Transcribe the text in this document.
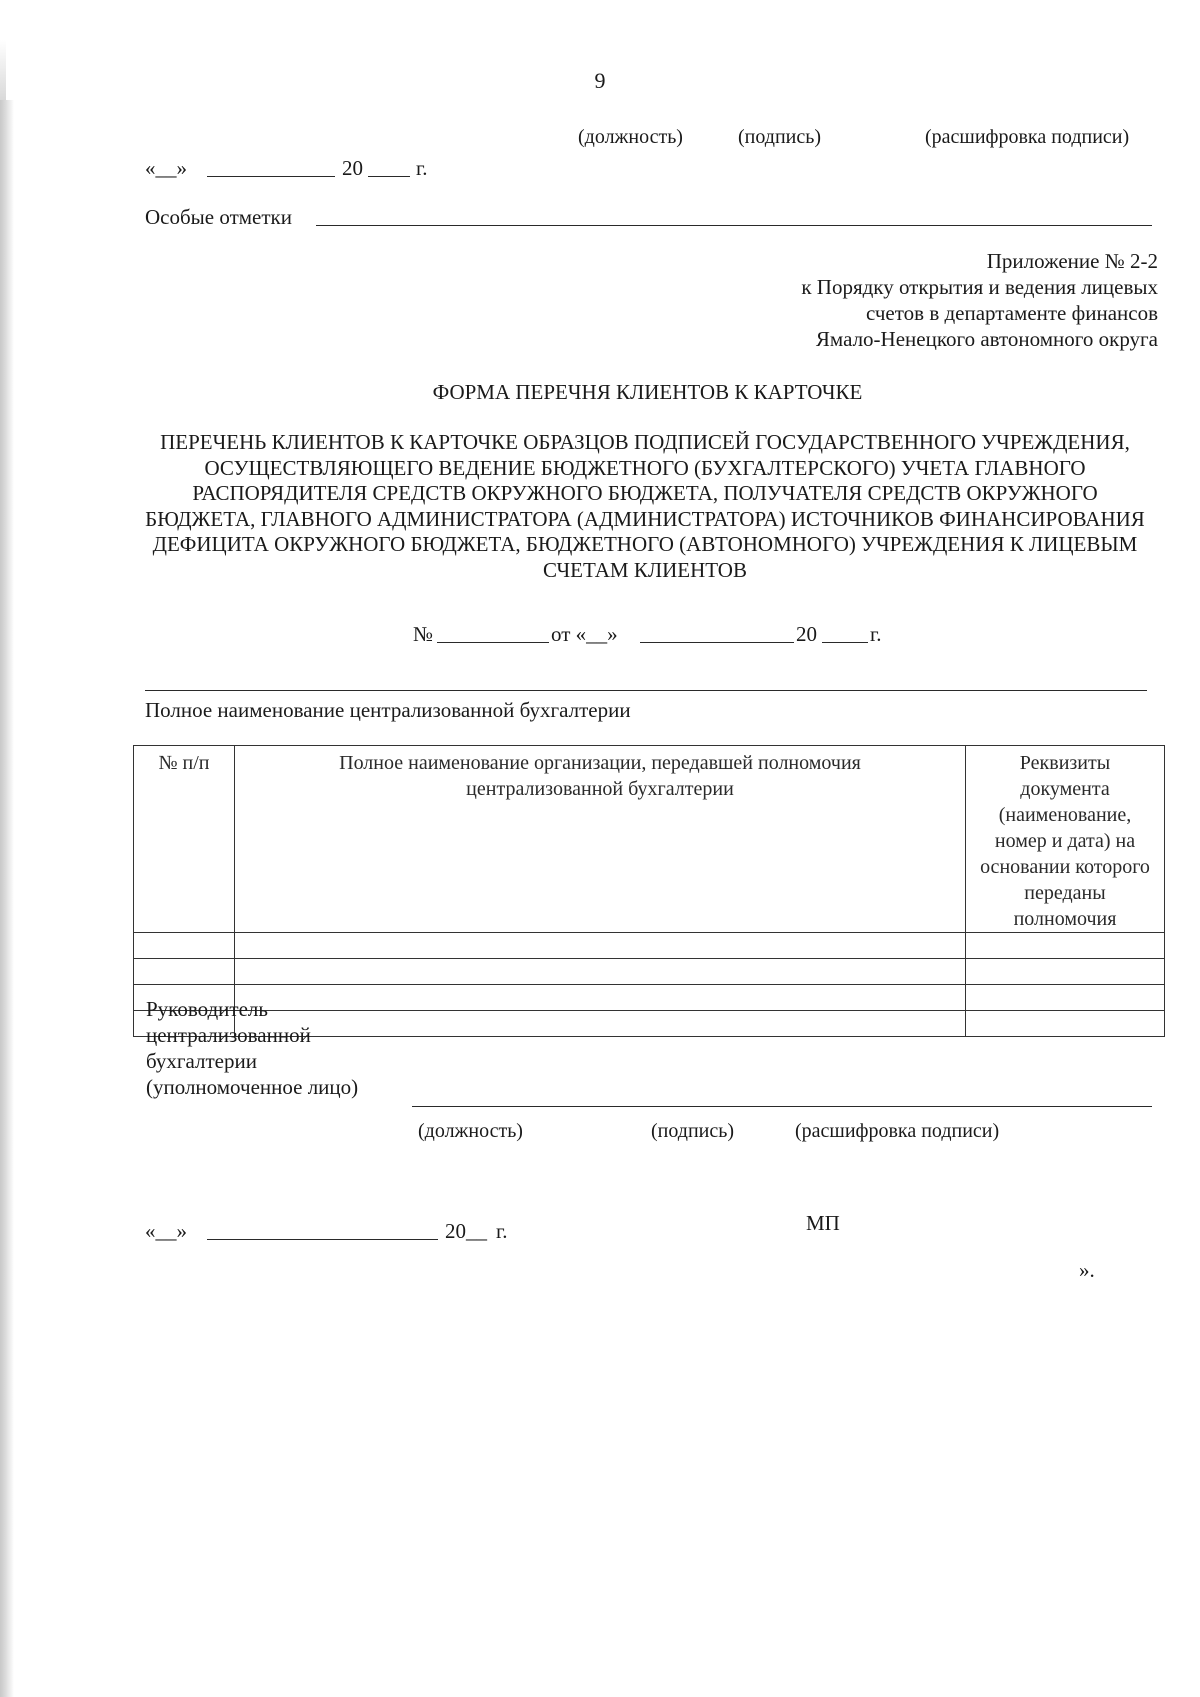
9
(должность)	(подпись)	(расшифровка подписи)
«__»	20	г.
Особые отметки
Приложение № 2-2
к Порядку открытия и ведения лицевых
счетов в департаменте финансов
Ямало-Ненецкого автономного округа
ФОРМА ПЕРЕЧНЯ КЛИЕНТОВ К КАРТОЧКЕ
ПЕРЕЧЕНЬ КЛИЕНТОВ К КАРТОЧКЕ ОБРАЗЦОВ ПОДПИСЕЙ ГОСУДАРСТВЕННОГО УЧРЕЖДЕНИЯ, ОСУЩЕСТВЛЯЮЩЕГО ВЕДЕНИЕ БЮДЖЕТНОГО (БУХГАЛТЕРСКОГО) УЧЕТА ГЛАВНОГО РАСПОРЯДИТЕЛЯ СРЕДСТВ ОКРУЖНОГО БЮДЖЕТА, ПОЛУЧАТЕЛЯ СРЕДСТВ ОКРУЖНОГО БЮДЖЕТА, ГЛАВНОГО АДМИНИСТРАТОРА (АДМИНИСТРАТОРА) ИСТОЧНИКОВ ФИНАНСИРОВАНИЯ ДЕФИЦИТА ОКРУЖНОГО БЮДЖЕТА, БЮДЖЕТНОГО (АВТОНОМНОГО) УЧРЕЖДЕНИЯ К ЛИЦЕВЫМ СЧЕТАМ КЛИЕНТОВ
№	от «__»	20	г.
Полное наименование централизованной бухгалтерии
№ п/п	Полное наименование организации, передавшей полномочия централизованной бухгалтерии	Реквизиты документа (наименование, номер и дата) на основании которого переданы полномочия

Руководитель
централизованной
бухгалтерии
(уполномоченное лицо)
(должность)	(подпись)	(расшифровка подписи)
«__»	20__ г.	МП
».
